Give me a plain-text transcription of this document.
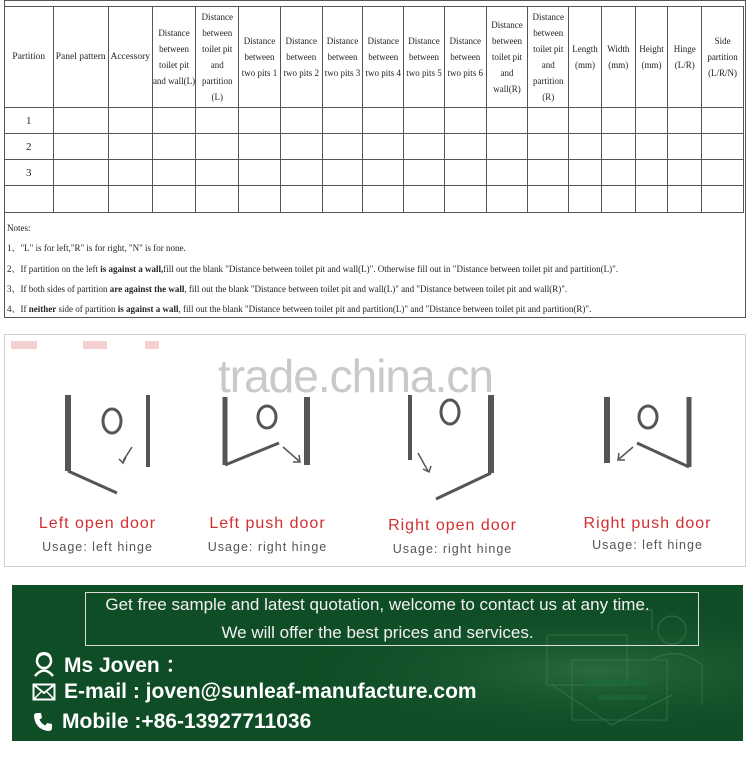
Partition	Panel pattern	Accessory	Distance between toilet pit and wall(L)	Distance between toilet pit and partition (L)	Distance between two pits 1	Distance between two pits 2	Distance between two pits 3	Distance between two pits 4	Distance between two pits 5	Distance between two pits 6	Distance between toilet pit and wall(R)	Distance between toilet pit and partition (R)	Length (mm)	Width (mm)	Height (mm)	Hinge (L/R)	Side partition (L/R/N)
1																	
2																	
3																	

Notes:
1、"L" is for left,"R" is for right, "N" is for none.
2、If partition on the left is against a wall,fill out the blank "Distance between toilet pit and wall(L)". Otherwise fill out in "Distance between toilet pit and partition(L)".
3、If both sides of partition are against the wall, fill out the blank "Distance between toilet pit and wall(L)" and "Distance between toilet pit and wall(R)".
4、If neither side of partition is against a wall, fill out the blank "Distance between toilet pit and partition(L)" and "Distance between toilet pit and partition(R)".
trade.china.cn
Left open door
Usage: left hinge
Left push door
Usage: right hinge
Right open door
Usage: right hinge
Right push door
Usage: left hinge
Get free sample and latest quotation, welcome to contact us at any time.
We will offer the best prices and services.
Ms Joven ：
E-mail : joven@sunleaf-manufacture.com
Mobile :+86-13927711036
